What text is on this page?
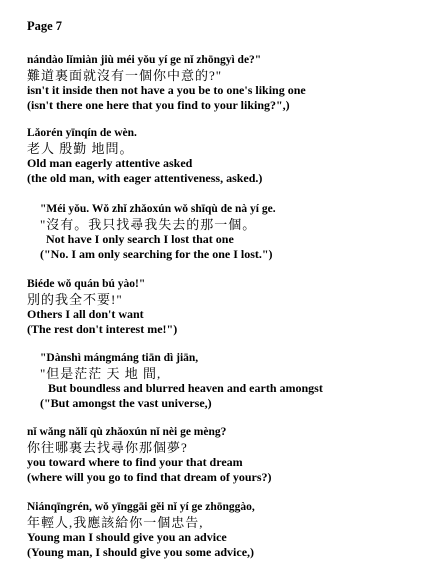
Page 7
nándào lǐmiàn jiù méi yǒu yí ge nǐ zhōngyì de?"
難道裏面就沒有一個你中意的?"
isn't it inside then not have a you be to one's liking one
(isn't there one here that you find to your liking?",)
Lǎorén yīnqín de wèn.
老人 殷勤 地問。
Old man eagerly attentive asked
(the old man, with eager attentiveness, asked.)
"Méi yǒu. Wǒ zhǐ zhǎoxún wǒ shīqù de nà yí ge.
"沒有。我只找尋我失去的那一個。
Not have I only search I lost that one
("No. I am only searching for the one I lost.")
Biéde wǒ quán bú yào!"
別的我全不要!"
Others I all don't want
(The rest don't interest me!")
"Dànshì mángmáng tiān dì jiān,
"但是茫茫 天 地 間,
But boundless and blurred heaven and earth amongst
("But amongst the vast universe,)
nǐ wǎng nǎlǐ qù zhǎoxún nǐ nèi ge mèng?
你往哪裏去找尋你那個夢?
you toward where to find your that dream
(where will you go to find that dream of yours?)
Niánqīngrén, wǒ yīnggāi gěi nǐ yí ge zhōnggào,
年輕人,我應該給你一個忠告,
Young man I should give you an advice
(Young man, I should give you some advice,)
